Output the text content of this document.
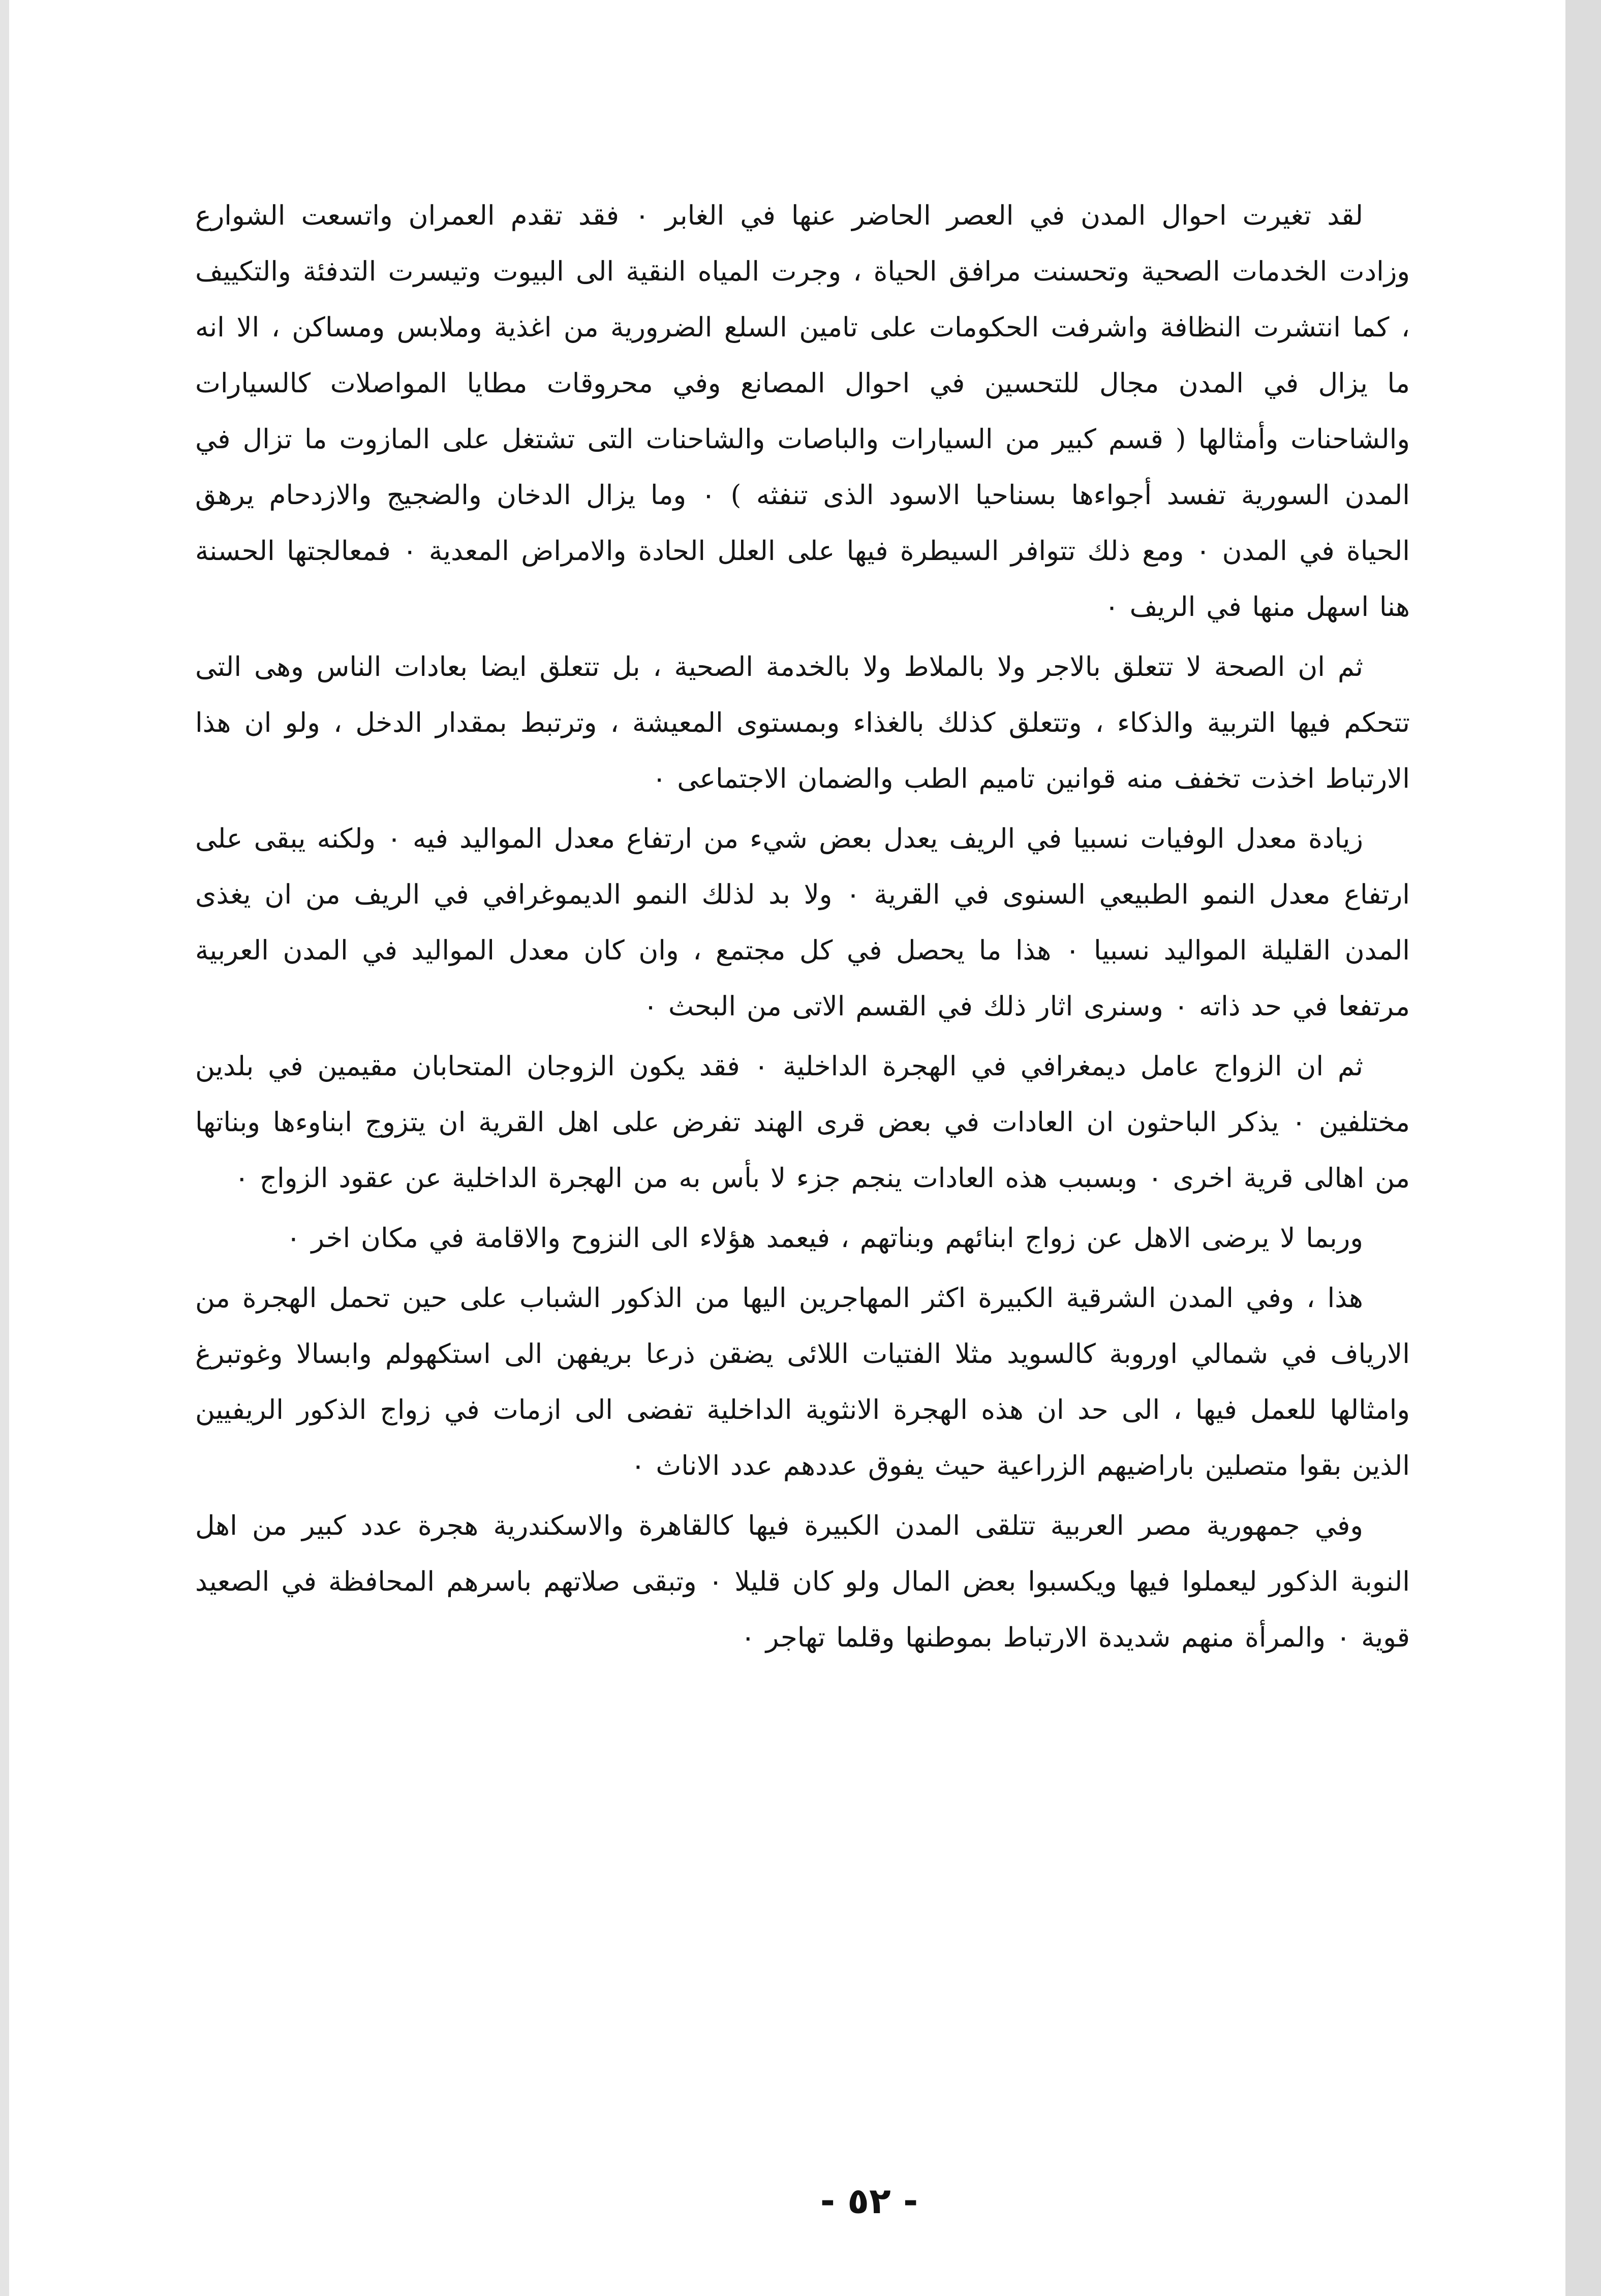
لقد تغيرت احوال المدن في العصر الحاضر عنها في الغابر ٠ فقد تقدم العمران واتسعت الشوارع وزادت الخدمات الصحية وتحسنت مرافق الحياة ، وجرت المياه النقية الى البيوت وتيسرت التدفئة والتكييف ، كما انتشرت النظافة واشرفت الحكومات على تامين السلع الضرورية من اغذية وملابس ومساكن ، الا انه ما يزال في المدن مجال للتحسين في احوال المصانع وفي محروقات مطايا المواصلات كالسيارات والشاحنات وأمثالها ( قسم كبير من السيارات والباصات والشاحنات التى تشتغل على المازوت ما تزال في المدن السورية تفسد أجواءها بسناحيا الاسود الذى تنفثه ) ٠ وما يزال الدخان والضجيج والازدحام يرهق الحياة في المدن ٠ ومع ذلك تتوافر السيطرة فيها على العلل الحادة والامراض المعدية ٠ فمعالجتها الحسنة هنا اسهل منها في الريف ٠

ثم ان الصحة لا تتعلق بالاجر ولا بالملاط ولا بالخدمة الصحية ، بل تتعلق ايضا بعادات الناس وهى التى تتحكم فيها التربية والذكاء ، وتتعلق كذلك بالغذاء وبمستوى المعيشة ، وترتبط بمقدار الدخل ، ولو ان هذا الارتباط اخذت تخفف منه قوانين تاميم الطب والضمان الاجتماعى ٠

زيادة معدل الوفيات نسبيا في الريف يعدل بعض شيء من ارتفاع معدل المواليد فيه ٠ ولكنه يبقى على ارتفاع معدل النمو الطبيعي السنوى في القرية ٠ ولا بد لذلك النمو الديموغرافي في الريف من ان يغذى المدن القليلة المواليد نسبيا ٠ هذا ما يحصل في كل مجتمع ، وان كان معدل المواليد في المدن العربية مرتفعا في حد ذاته ٠ وسنرى اثار ذلك في القسم الاتى من البحث ٠

ثم ان الزواج عامل ديمغرافي في الهجرة الداخلية ٠ فقد يكون الزوجان المتحابان مقيمين في بلدين مختلفين ٠ يذكر الباحثون ان العادات في بعض قرى الهند تفرض على اهل القرية ان يتزوج ابناوءها وبناتها من اهالى قرية اخرى ٠ وبسبب هذه العادات ينجم جزء لا بأس به من الهجرة الداخلية عن عقود الزواج ٠

وربما لا يرضى الاهل عن زواج ابنائهم وبناتهم ، فيعمد هؤلاء الى النزوح والاقامة في مكان اخر ٠

هذا ، وفي المدن الشرقية الكبيرة اكثر المهاجرين اليها من الذكور الشباب على حين تحمل الهجرة من الارياف في شمالي اوروبة كالسويد مثلا الفتيات اللائى يضقن ذرعا بريفهن الى استكهولم وابسالا وغوتبرغ وامثالها للعمل فيها ، الى حد ان هذه الهجرة الانثوية الداخلية تفضى الى ازمات في زواج الذكور الريفيين الذين بقوا متصلين باراضيهم الزراعية حيث يفوق عددهم عدد الاناث ٠

وفي جمهورية مصر العربية تتلقى المدن الكبيرة فيها كالقاهرة والاسكندرية هجرة عدد كبير من اهل النوبة الذكور ليعملوا فيها ويكسبوا بعض المال ولو كان قليلا ٠ وتبقى صلاتهم باسرهم المحافظة في الصعيد قوية ٠ والمرأة منهم شديدة الارتباط بموطنها وقلما تهاجر ٠

- ٥٢ -
